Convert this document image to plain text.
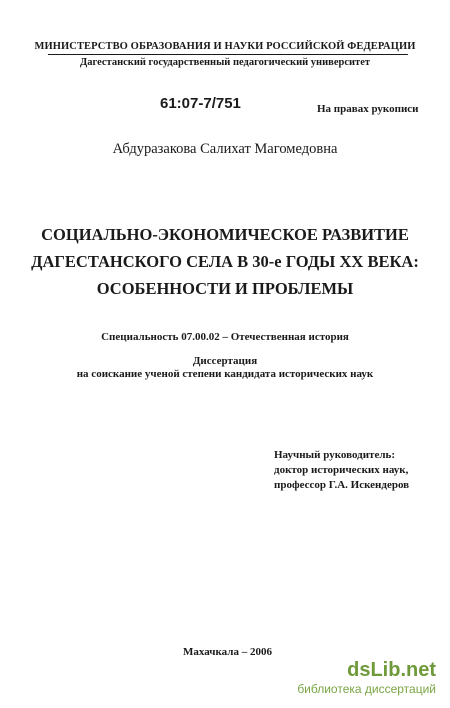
МИНИСТЕРСТВО ОБРАЗОВАНИЯ И НАУКИ РОССИЙСКОЙ ФЕДЕРАЦИИ
Дагестанский государственный педагогический университет
61:07-7/751	На правах рукописи
Абдуразакова Салихат Магомедовна
СОЦИАЛЬНО-ЭКОНОМИЧЕСКОЕ РАЗВИТИЕ
ДАГЕСТАНСКОГО СЕЛА В 30-е ГОДЫ XX ВЕКА:
ОСОБЕННОСТИ И ПРОБЛЕМЫ
Специальность 07.00.02 – Отечественная история
Диссертация
на соискание ученой степени кандидата исторических наук
Научный руководитель:
доктор исторических наук,
профессор Г.А. Искендеров
Махачкала – 2006
dsLib.net
библиотека диссертаций
